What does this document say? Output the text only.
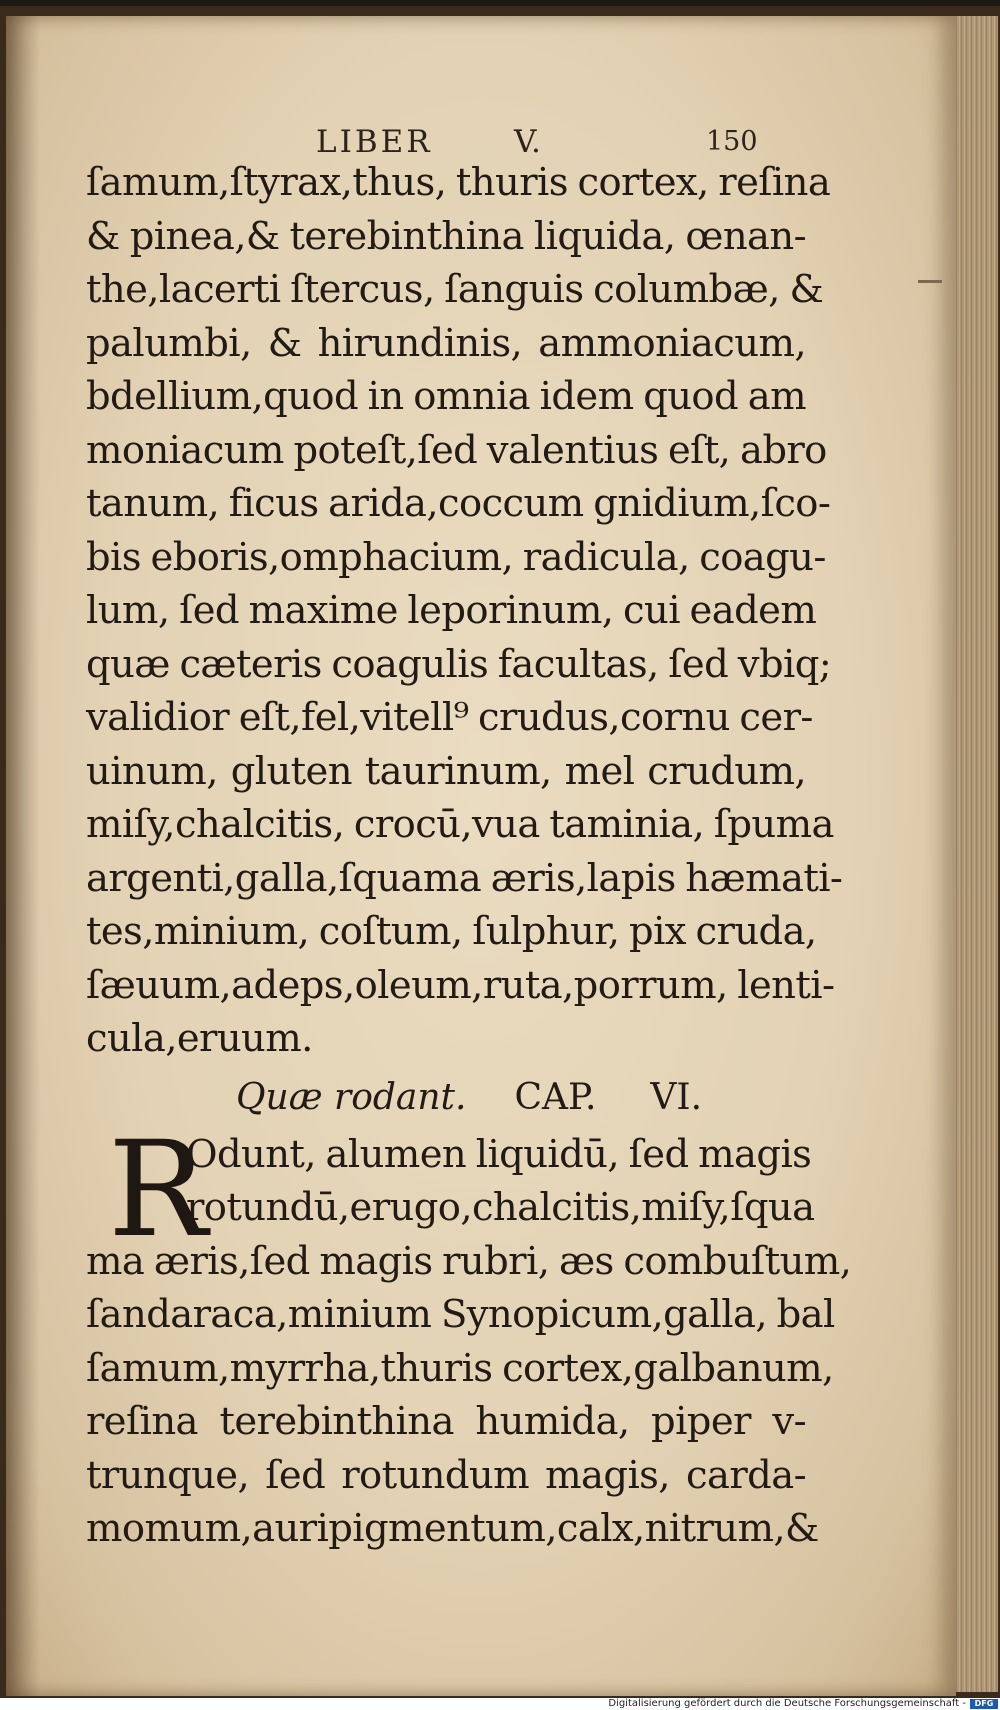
LIBER	V.	150
ſamum,ſtyrax,thus, thuris cortex, reſina
& pinea,& terebinthina liquida, œnan-
the,lacerti ſtercus, ſanguis columbæ, &
palumbi, & hirundinis, ammoniacum,
bdellium,quod in omnia idem quod am
moniacum poteſt,ſed valentius eſt, abro
tanum, ficus arida,coccum gnidium,ſco-
bis eboris,omphacium, radicula, coagu-
lum, ſed maxime leporinum, cui eadem
quæ cæteris coagulis facultas, ſed vbiq;
validior eſt,fel,vitell⁹ crudus,cornu cer-
uinum, gluten taurinum, mel crudum,
miſy,chalcitis, crocū,vua taminia, ſpuma
argenti,galla,ſquama æris,lapis hæmati-
tes,minium, coſtum, ſulphur, pix cruda,
ſæuum,adeps,oleum,ruta,porrum, lenti-
cula,eruum.
Quæ rodant. CAP. VI.
R
Odunt, alumen liquidū, ſed magis
rotundū,erugo,chalcitis,miſy,ſqua
ma æris,ſed magis rubri, æs combuſtum,
ſandaraca,minium Synopicum,galla, bal
ſamum,myrrha,thuris cortex,galbanum,
reſina terebinthina humida, piper v-
trunque, ſed rotundum magis, carda-
momum,auripigmentum,calx,nitrum,&
Digitalisierung gefördert durch die Deutsche Forschungsgemeinschaft -	DFG
